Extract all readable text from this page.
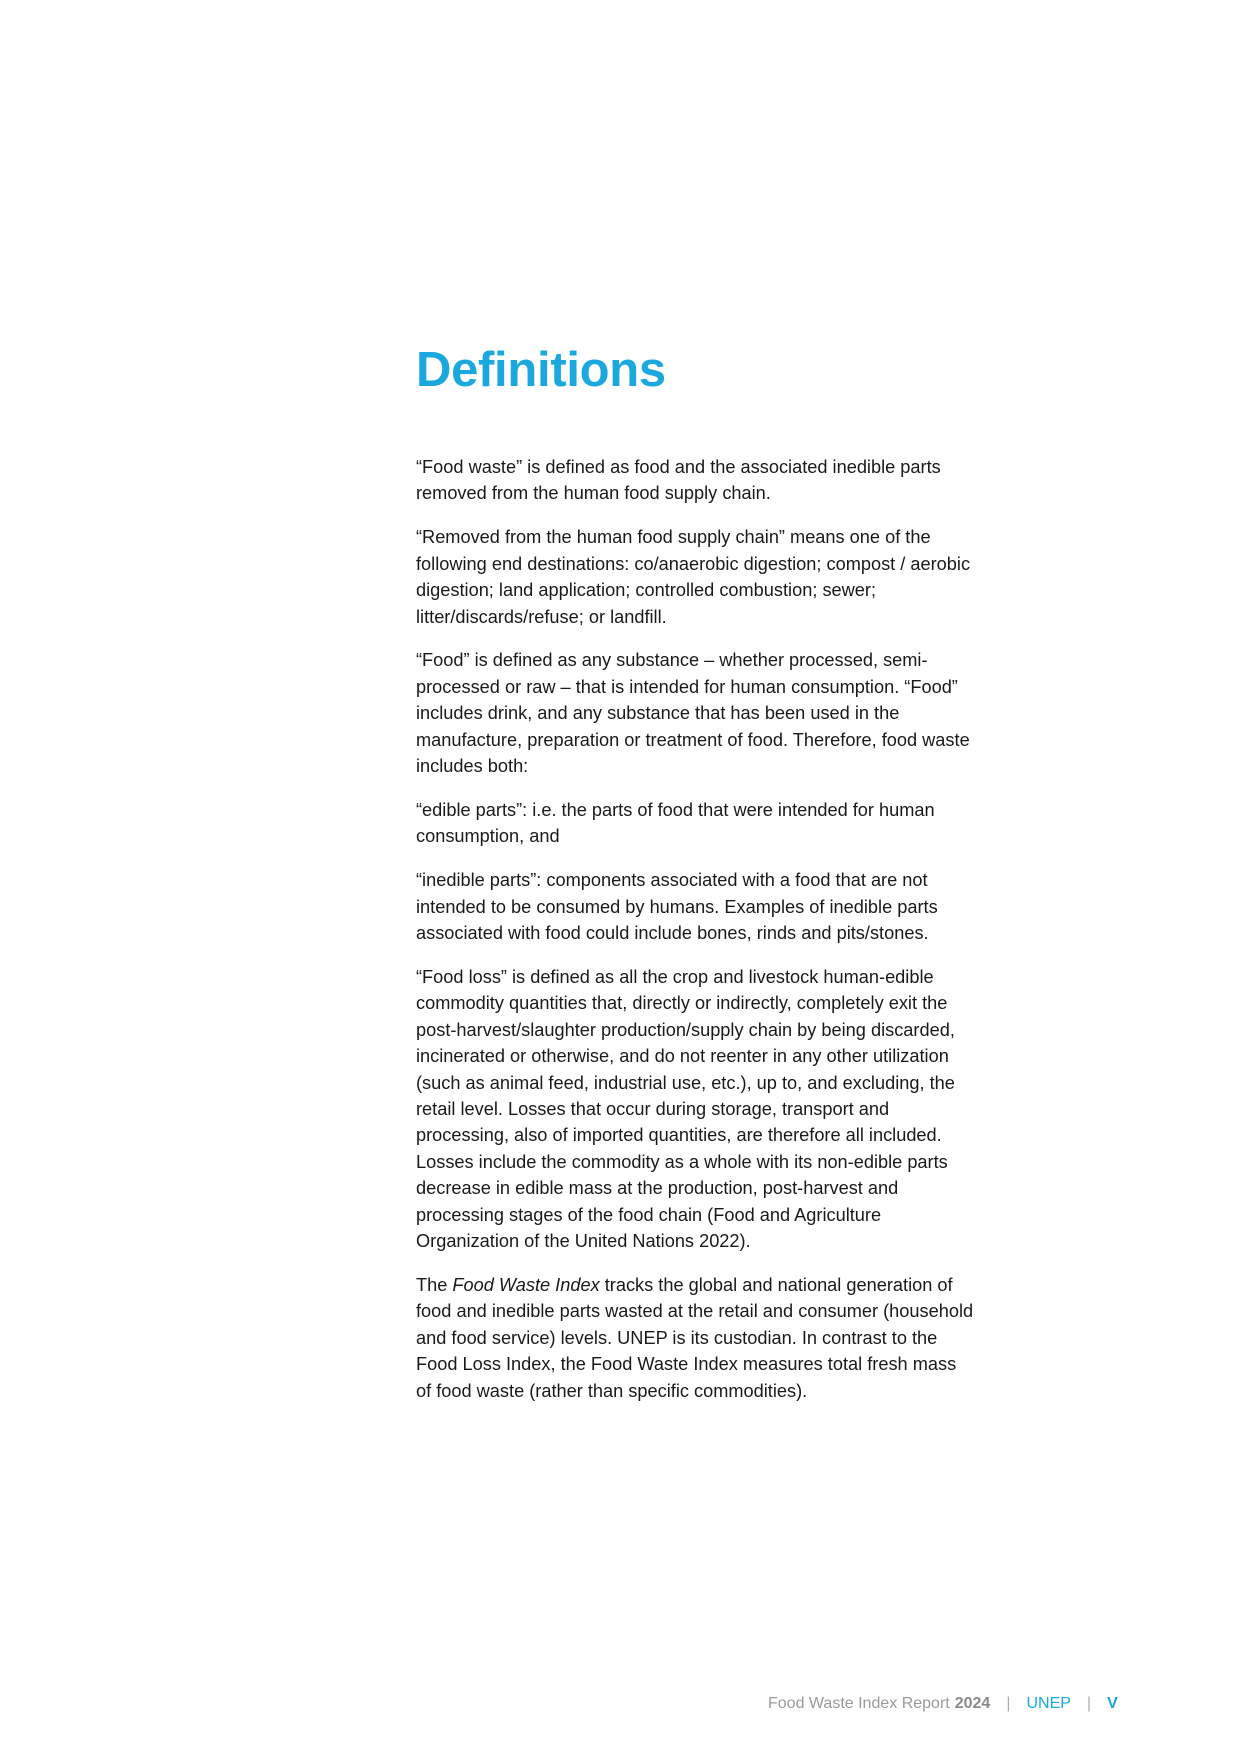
Definitions

“Food waste” is defined as food and the associated inedible parts removed from the human food supply chain.

“Removed from the human food supply chain” means one of the following end destinations: co/anaerobic digestion; compost / aerobic digestion; land application; controlled combustion; sewer; litter/discards/refuse; or landfill.

“Food” is defined as any substance – whether processed, semi-processed or raw – that is intended for human consumption. “Food” includes drink, and any substance that has been used in the manufacture, preparation or treatment of food. Therefore, food waste includes both:

“edible parts”: i.e. the parts of food that were intended for human consumption, and

“inedible parts”: components associated with a food that are not intended to be consumed by humans. Examples of inedible parts associated with food could include bones, rinds and pits/stones.

“Food loss” is defined as all the crop and livestock human-edible commodity quantities that, directly or indirectly, completely exit the post-harvest/slaughter production/supply chain by being discarded, incinerated or otherwise, and do not reenter in any other utilization (such as animal feed, industrial use, etc.), up to, and excluding, the retail level. Losses that occur during storage, transport and processing, also of imported quantities, are therefore all included. Losses include the commodity as a whole with its non-edible parts decrease in edible mass at the production, post-harvest and processing stages of the food chain (Food and Agriculture Organization of the United Nations 2022).

The Food Waste Index tracks the global and national generation of food and inedible parts wasted at the retail and consumer (household and food service) levels. UNEP is its custodian. In contrast to the Food Loss Index, the Food Waste Index measures total fresh mass of food waste (rather than specific commodities).

Food Waste Index Report 2024 | UNEP | V
